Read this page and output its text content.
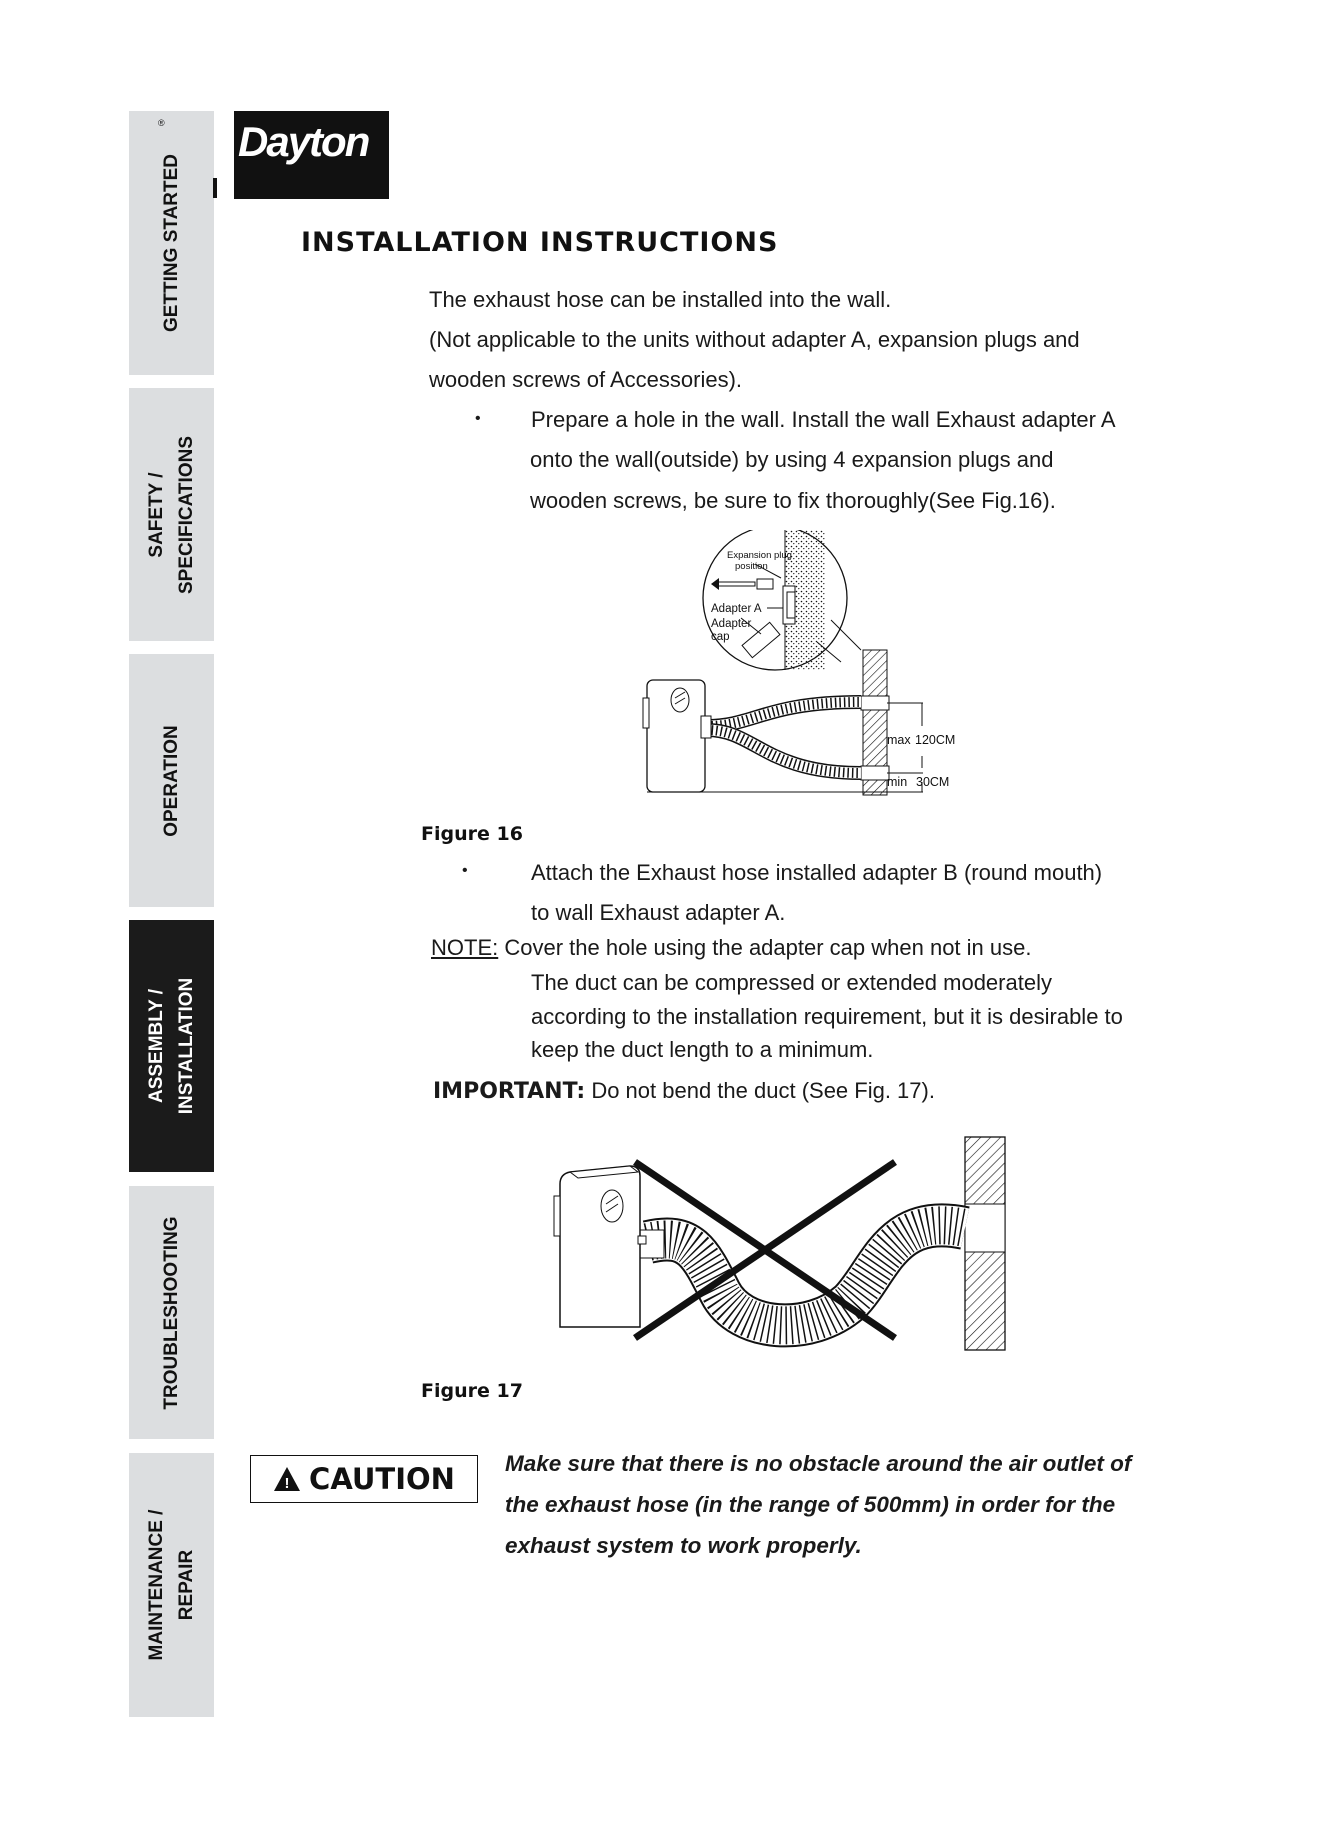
GETTING STARTED
SAFETY / SPECIFICATIONS
OPERATION
ASSEMBLY / INSTALLATION
TROUBLESHOOTING
MAINTENANCE / REPAIR
Dayton
®
INSTALLATION INSTRUCTIONS
The exhaust hose can be installed into the wall.
(Not applicable to the units without adapter A, expansion plugs and
wooden screws of Accessories).
• Prepare a hole in the wall. Install the wall Exhaust adapter A
onto the wall(outside) by using 4 expansion plugs and
wooden screws, be sure to fix thoroughly(See Fig.16).
Expansion plug
position
Adapter A
Adapter
cap
max 120CM
min 30CM
Figure 16
•	Attach the Exhaust hose installed adapter B (round mouth)
to wall Exhaust adapter A.
NOTE: Cover the hole using the adapter cap when not in use.
The duct can be compressed or extended moderately
according to the installation requirement, but it is desirable to
keep the duct length to a minimum.
IMPORTANT: Do not bend the duct (See Fig. 17).
Figure 17
! CAUTION Make sure that there is no obstacle around the air outlet of
the exhaust hose (in the range of 500mm) in order for the
exhaust system to work properly.
